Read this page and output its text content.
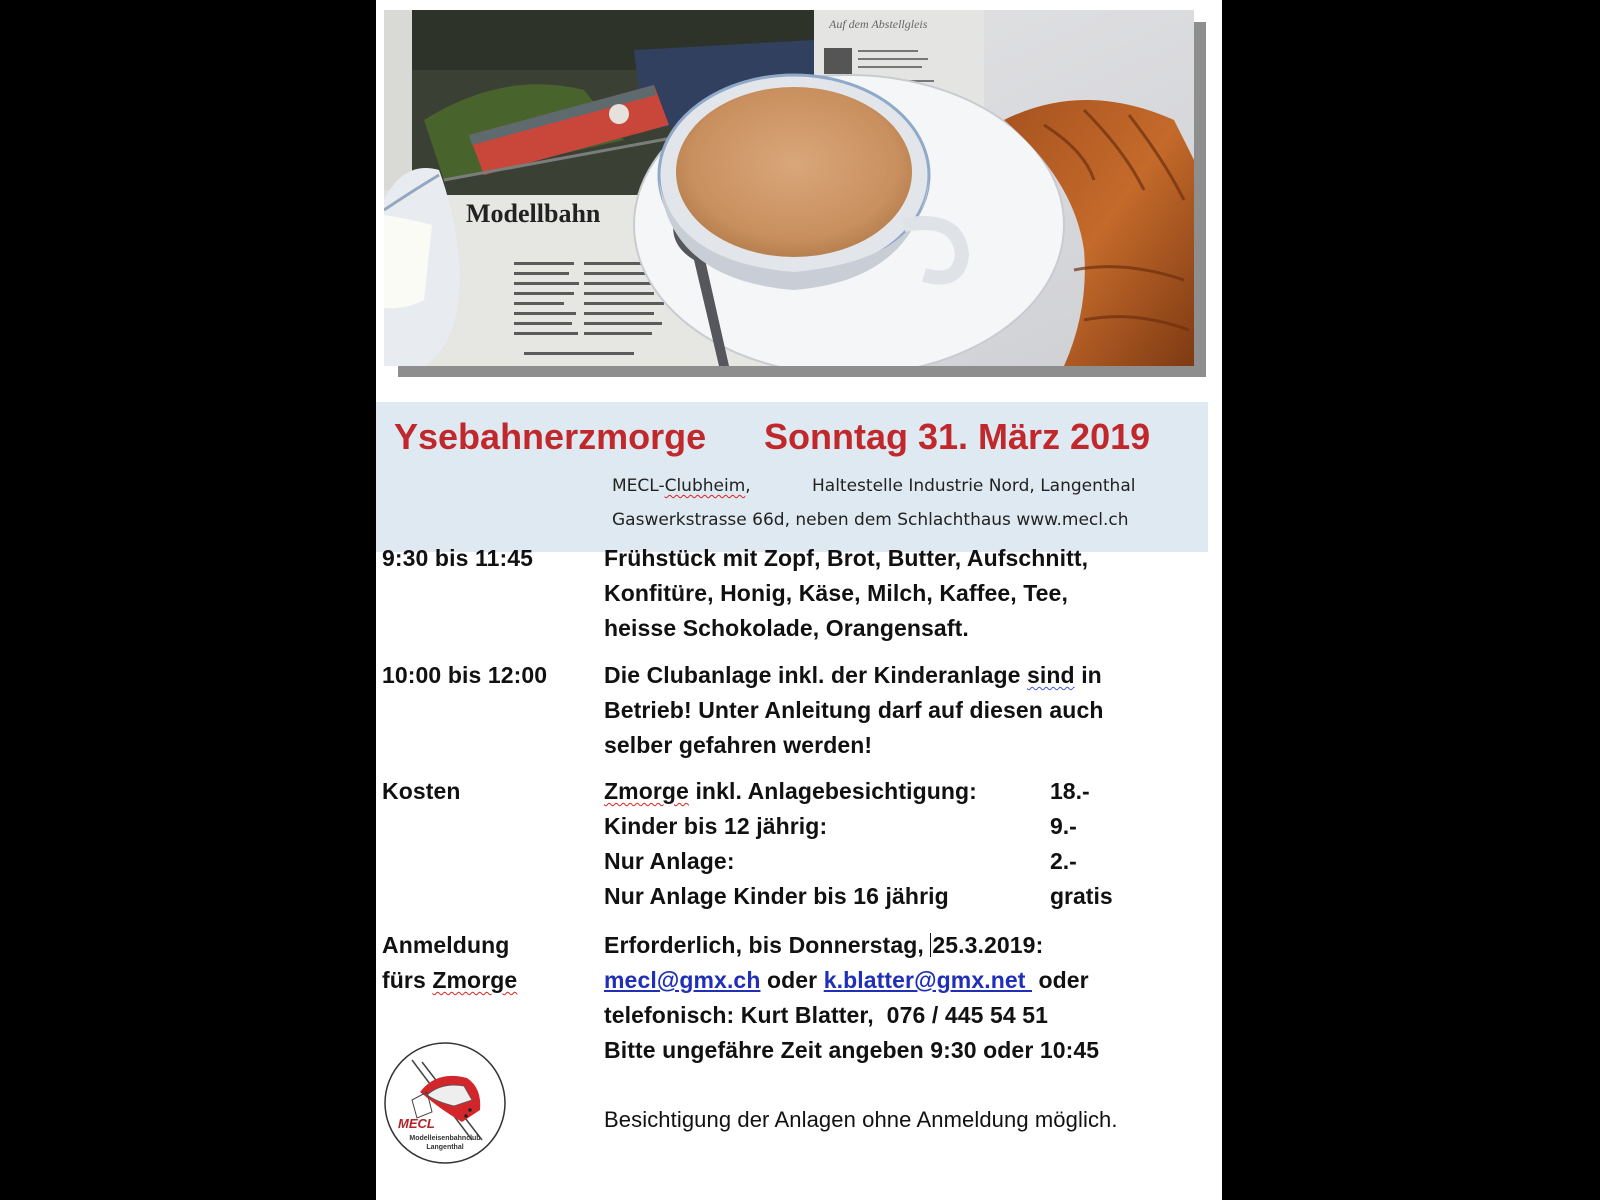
Modellbahn
Auf dem Abstellgleis
Ysebahnerzmorge Sonntag 31. März 2019
MECL-Clubheim,	Haltestelle Industrie Nord, Langenthal
Gaswerkstrasse 66d, neben dem Schlachthaus www.mecl.ch
9:30 bis 11:45	Frühstück mit Zopf, Brot, Butter, Aufschnitt,
Konfitüre, Honig, Käse, Milch, Kaffee, Tee,
heisse Schokolade, Orangensaft.
10:00 bis 12:00 Die Clubanlage inkl. der Kinderanlage sind in
Betrieb! Unter Anleitung darf auf diesen auch
selber gefahren werden!
Kosten	Zmorge inkl. Anlagebesichtigung:	18.-
Kinder bis 12 jährig:	9.-
Nur Anlage:	2.-
Nur Anlage Kinder bis 16 jährig	gratis
Anmeldung
fürs Zmorge
Erforderlich, bis Donnerstag, 25.3.2019:
mecl@gmx.ch oder k.blatter@gmx.net  oder
telefonisch: Kurt Blatter,  076 / 445 54 51
Bitte ungefähre Zeit angeben 9:30 oder 10:45
Besichtigung der Anlagen ohne Anmeldung möglich.
MECL
Modelleisenbahnclub
Langenthal
